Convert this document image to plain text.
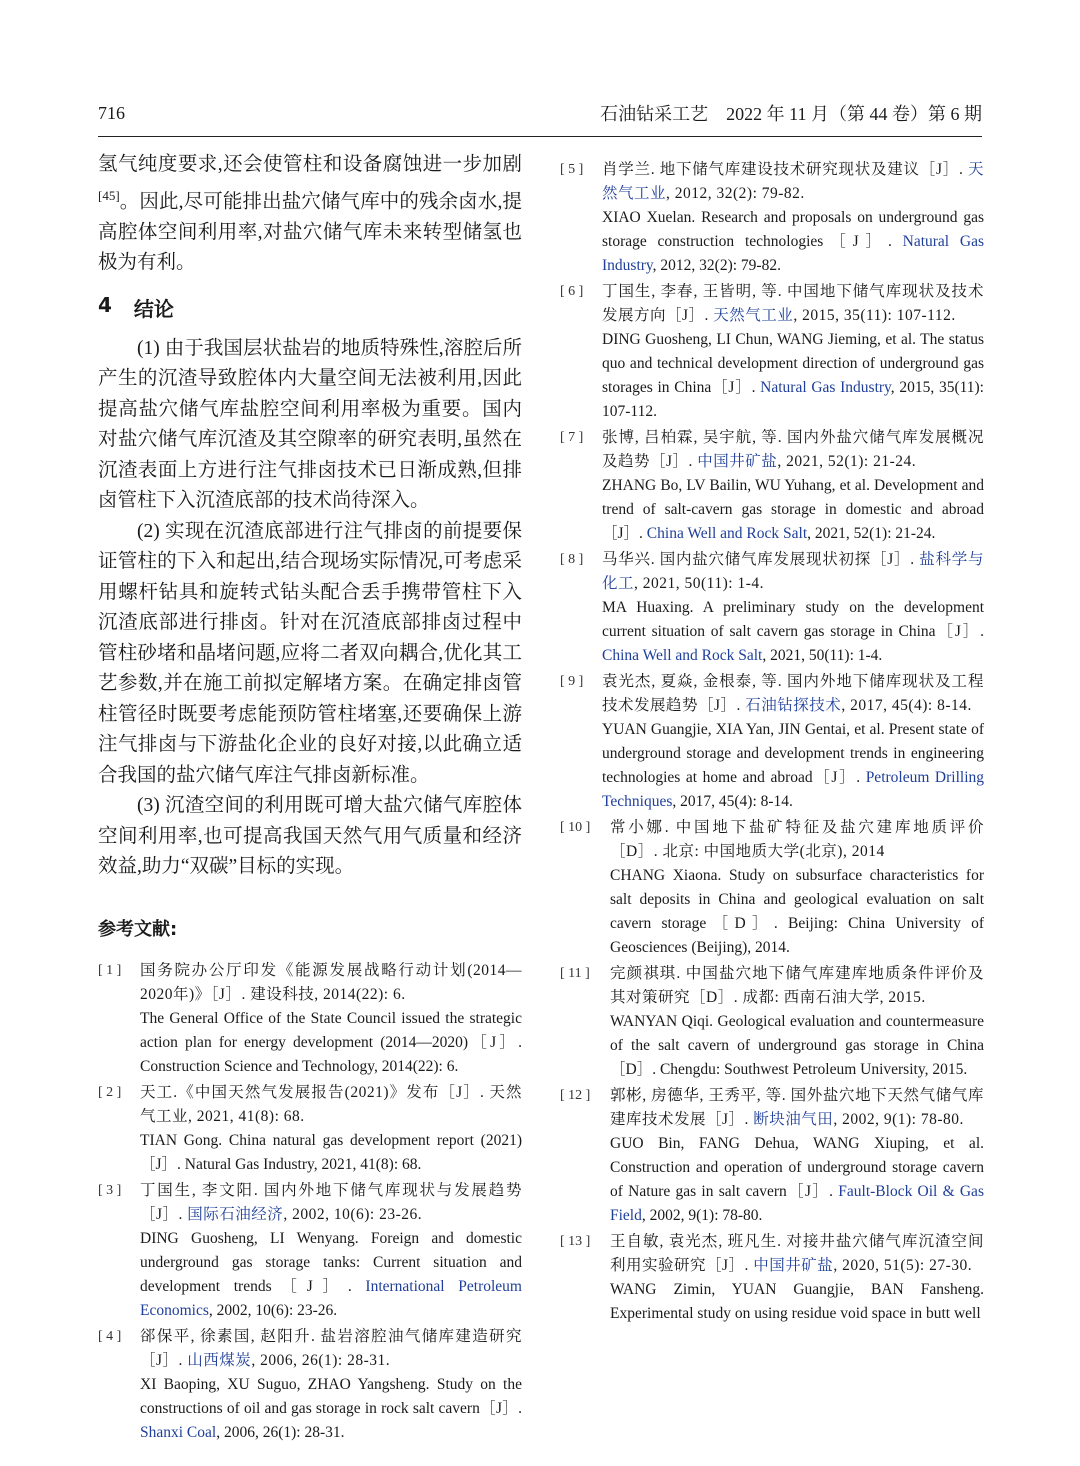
716	石油钻采工艺　2022 年 11 月（第 44 卷）第 6 期

氢气纯度要求,还会使管柱和设备腐蚀进一步加剧[45]。因此,尽可能排出盐穴储气库中的残余卤水,提高腔体空间利用率,对盐穴储气库未来转型储氢也极为有利。

4 结论

(1) 由于我国层状盐岩的地质特殊性,溶腔后所产生的沉渣导致腔体内大量空间无法被利用,因此提高盐穴储气库盐腔空间利用率极为重要。国内对盐穴储气库沉渣及其空隙率的研究表明,虽然在沉渣表面上方进行注气排卤技术已日渐成熟,但排卤管柱下入沉渣底部的技术尚待深入。

(2) 实现在沉渣底部进行注气排卤的前提要保证管柱的下入和起出,结合现场实际情况,可考虑采用螺杆钻具和旋转式钻头配合丢手携带管柱下入沉渣底部进行排卤。针对在沉渣底部排卤过程中管柱砂堵和晶堵问题,应将二者双向耦合,优化其工艺参数,并在施工前拟定解堵方案。在确定排卤管柱管径时既要考虑能预防管柱堵塞,还要确保上游注气排卤与下游盐化企业的良好对接,以此确立适合我国的盐穴储气库注气排卤新标准。

(3) 沉渣空间的利用既可增大盐穴储气库腔体空间利用率,也可提高我国天然气用气质量和经济效益,助力“双碳”目标的实现。

参考文献:
[ 1 ]	国务院办公厅印发《能源发展战略行动计划(2014—2020年)》［J］. 建设科技, 2014(22): 6.

The General Office of the State Council issued the strategic action plan for energy development (2014—2020)［J］. Construction Science and Technology, 2014(22): 6.

[ 2 ]	天工.《中国天然气发展报告(2021)》发布［J］. 天然气工业, 2021, 41(8): 68.

TIAN Gong. China natural gas development report (2021)［J］. Natural Gas Industry, 2021, 41(8): 68.

[ 3 ]	丁国生, 李文阳. 国内外地下储气库现状与发展趋势［J］. 国际石油经济, 2002, 10(6): 23-26.

DING Guosheng, LI Wenyang. Foreign and domestic underground gas storage tanks: Current situation and development trends［J］. International Petroleum Economics, 2002, 10(6): 23-26.

[ 4 ]	郤保平, 徐素国, 赵阳升. 盐岩溶腔油气储库建造研究［J］. 山西煤炭, 2006, 26(1): 28-31.

XI Baoping, XU Suguo, ZHAO Yangsheng. Study on the constructions of oil and gas storage in rock salt cavern［J］. Shanxi Coal, 2006, 26(1): 28-31.

[ 5 ]	肖学兰. 地下储气库建设技术研究现状及建议［J］. 天然气工业, 2012, 32(2): 79-82.

XIAO Xuelan. Research and proposals on underground gas storage construction technologies［J］. Natural Gas Industry, 2012, 32(2): 79-82.

[ 6 ]	丁国生, 李春, 王皆明, 等. 中国地下储气库现状及技术发展方向［J］. 天然气工业, 2015, 35(11): 107-112.

DING Guosheng, LI Chun, WANG Jieming, et al. The status quo and technical development direction of underground gas storages in China［J］. Natural Gas Industry, 2015, 35(11): 107-112.

[ 7 ]	张博, 吕柏霖, 吴宇航, 等. 国内外盐穴储气库发展概况及趋势［J］. 中国井矿盐, 2021, 52(1): 21-24.

ZHANG Bo, LV Bailin, WU Yuhang, et al. Development and trend of salt-cavern gas storage in domestic and abroad［J］. China Well and Rock Salt, 2021, 52(1): 21-24.

[ 8 ]	马华兴. 国内盐穴储气库发展现状初探［J］. 盐科学与化工, 2021, 50(11): 1-4.

MA Huaxing. A preliminary study on the development current situation of salt cavern gas storage in China［J］. China Well and Rock Salt, 2021, 50(11): 1-4.

[ 9 ]	袁光杰, 夏焱, 金根泰, 等. 国内外地下储库现状及工程技术发展趋势［J］. 石油钻探技术, 2017, 45(4): 8-14.

YUAN Guangjie, XIA Yan, JIN Gentai, et al. Present state of underground storage and development trends in engineering technologies at home and abroad［J］. Petroleum Drilling Techniques, 2017, 45(4): 8-14.

[ 10 ]	常小娜. 中国地下盐矿特征及盐穴建库地质评价［D］. 北京: 中国地质大学(北京), 2014

CHANG Xiaona. Study on subsurface characteristics for salt deposits in China and geological evaluation on salt cavern storage［D］. Beijing: China University of Geosciences (Beijing), 2014.

[ 11 ]	完颜祺琪. 中国盐穴地下储气库建库地质条件评价及其对策研究［D］. 成都: 西南石油大学, 2015.

WANYAN Qiqi. Geological evaluation and countermeasure of the salt cavern of underground gas storage in China［D］. Chengdu: Southwest Petroleum University, 2015.

[ 12 ]	郭彬, 房德华, 王秀平, 等. 国外盐穴地下天然气储气库建库技术发展［J］. 断块油气田, 2002, 9(1): 78-80.

GUO Bin, FANG Dehua, WANG Xiuping, et al. Construction and operation of underground storage cavern of Nature gas in salt cavern［J］. Fault-Block Oil & Gas Field, 2002, 9(1): 78-80.

[ 13 ]	王自敏, 袁光杰, 班凡生. 对接井盐穴储气库沉渣空间利用实验研究［J］. 中国井矿盐, 2020, 51(5): 27-30.

WANG Zimin, YUAN Guangjie, BAN Fansheng. Experimental study on using residue void space in butt well
